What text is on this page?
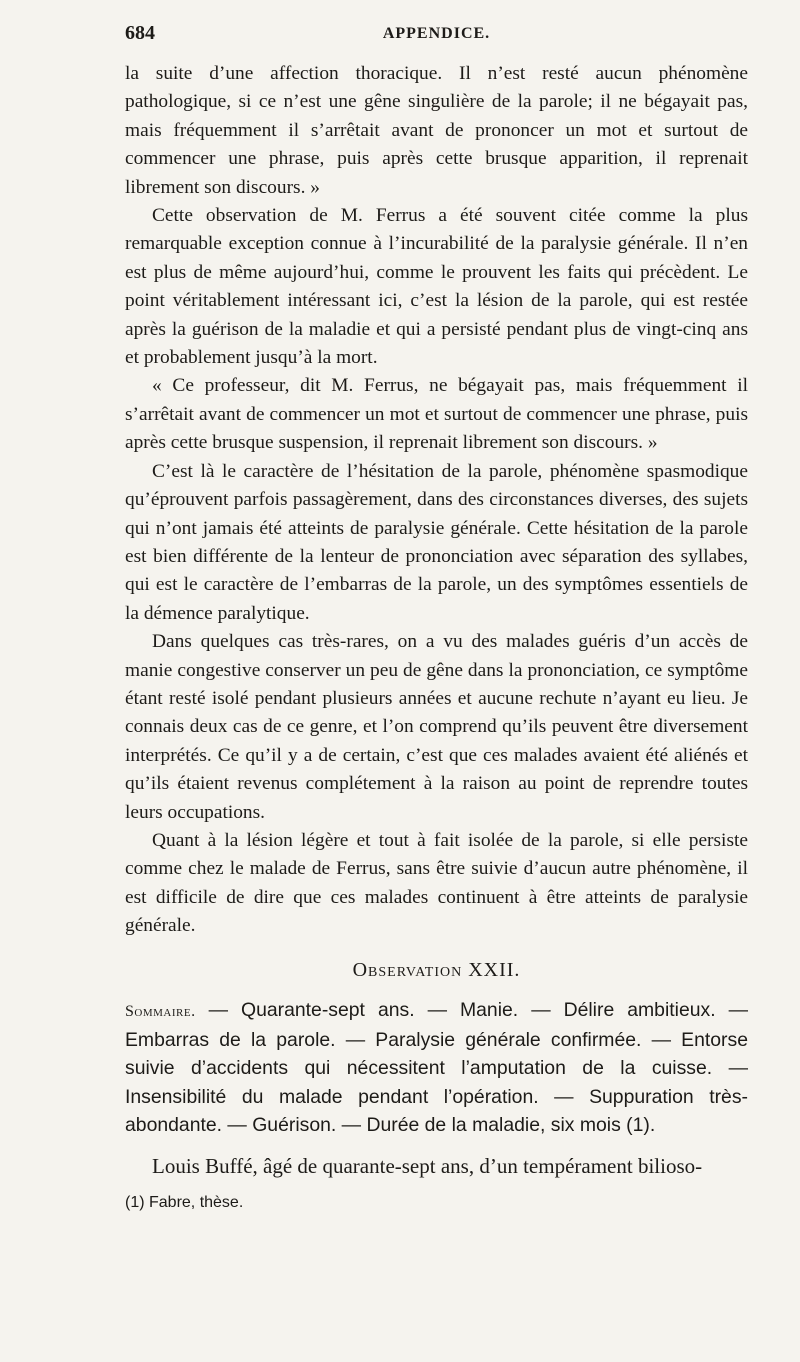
684	APPENDICE.

la suite d’une affection thoracique. Il n’est resté aucun phénomène pathologique, si ce n’est une gêne singulière de la parole; il ne bégayait pas, mais fréquemment il s’arrêtait avant de prononcer un mot et surtout de commencer une phrase, puis après cette brusque apparition, il reprenait librement son discours. »

Cette observation de M. Ferrus a été souvent citée comme la plus remarquable exception connue à l’incurabilité de la paralysie générale. Il n’en est plus de même aujourd’hui, comme le prouvent les faits qui précèdent. Le point véritablement intéressant ici, c’est la lésion de la parole, qui est restée après la guérison de la maladie et qui a persisté pendant plus de vingt-cinq ans et probablement jusqu’à la mort.

« Ce professeur, dit M. Ferrus, ne bégayait pas, mais fréquemment il s’arrêtait avant de commencer un mot et surtout de commencer une phrase, puis après cette brusque suspension, il reprenait librement son discours. »

C’est là le caractère de l’hésitation de la parole, phénomène spasmodique qu’éprouvent parfois passagèrement, dans des circonstances diverses, des sujets qui n’ont jamais été atteints de paralysie générale. Cette hésitation de la parole est bien différente de la lenteur de prononciation avec séparation des syllabes, qui est le caractère de l’embarras de la parole, un des symptômes essentiels de la démence paralytique.

Dans quelques cas très-rares, on a vu des malades guéris d’un accès de manie congestive conserver un peu de gêne dans la prononciation, ce symptôme étant resté isolé pendant plusieurs années et aucune rechute n’ayant eu lieu. Je connais deux cas de ce genre, et l’on comprend qu’ils peuvent être diversement interprétés. Ce qu’il y a de certain, c’est que ces malades avaient été aliénés et qu’ils étaient revenus complétement à la raison au point de reprendre toutes leurs occupations.

Quant à la lésion légère et tout à fait isolée de la parole, si elle persiste comme chez le malade de Ferrus, sans être suivie d’aucun autre phénomène, il est difficile de dire que ces malades continuent à être atteints de paralysie générale.

Observation XXII.

Sommaire. — Quarante-sept ans. — Manie. — Délire ambitieux. — Embarras de la parole. — Paralysie générale confirmée. — Entorse suivie d’accidents qui nécessitent l’amputation de la cuisse. — Insensibilité du malade pendant l’opération. — Suppuration très-abondante. — Guérison. — Durée de la maladie, six mois (1).

Louis Buffé, âgé de quarante-sept ans, d’un tempérament bilioso-

(1) Fabre, thèse.
